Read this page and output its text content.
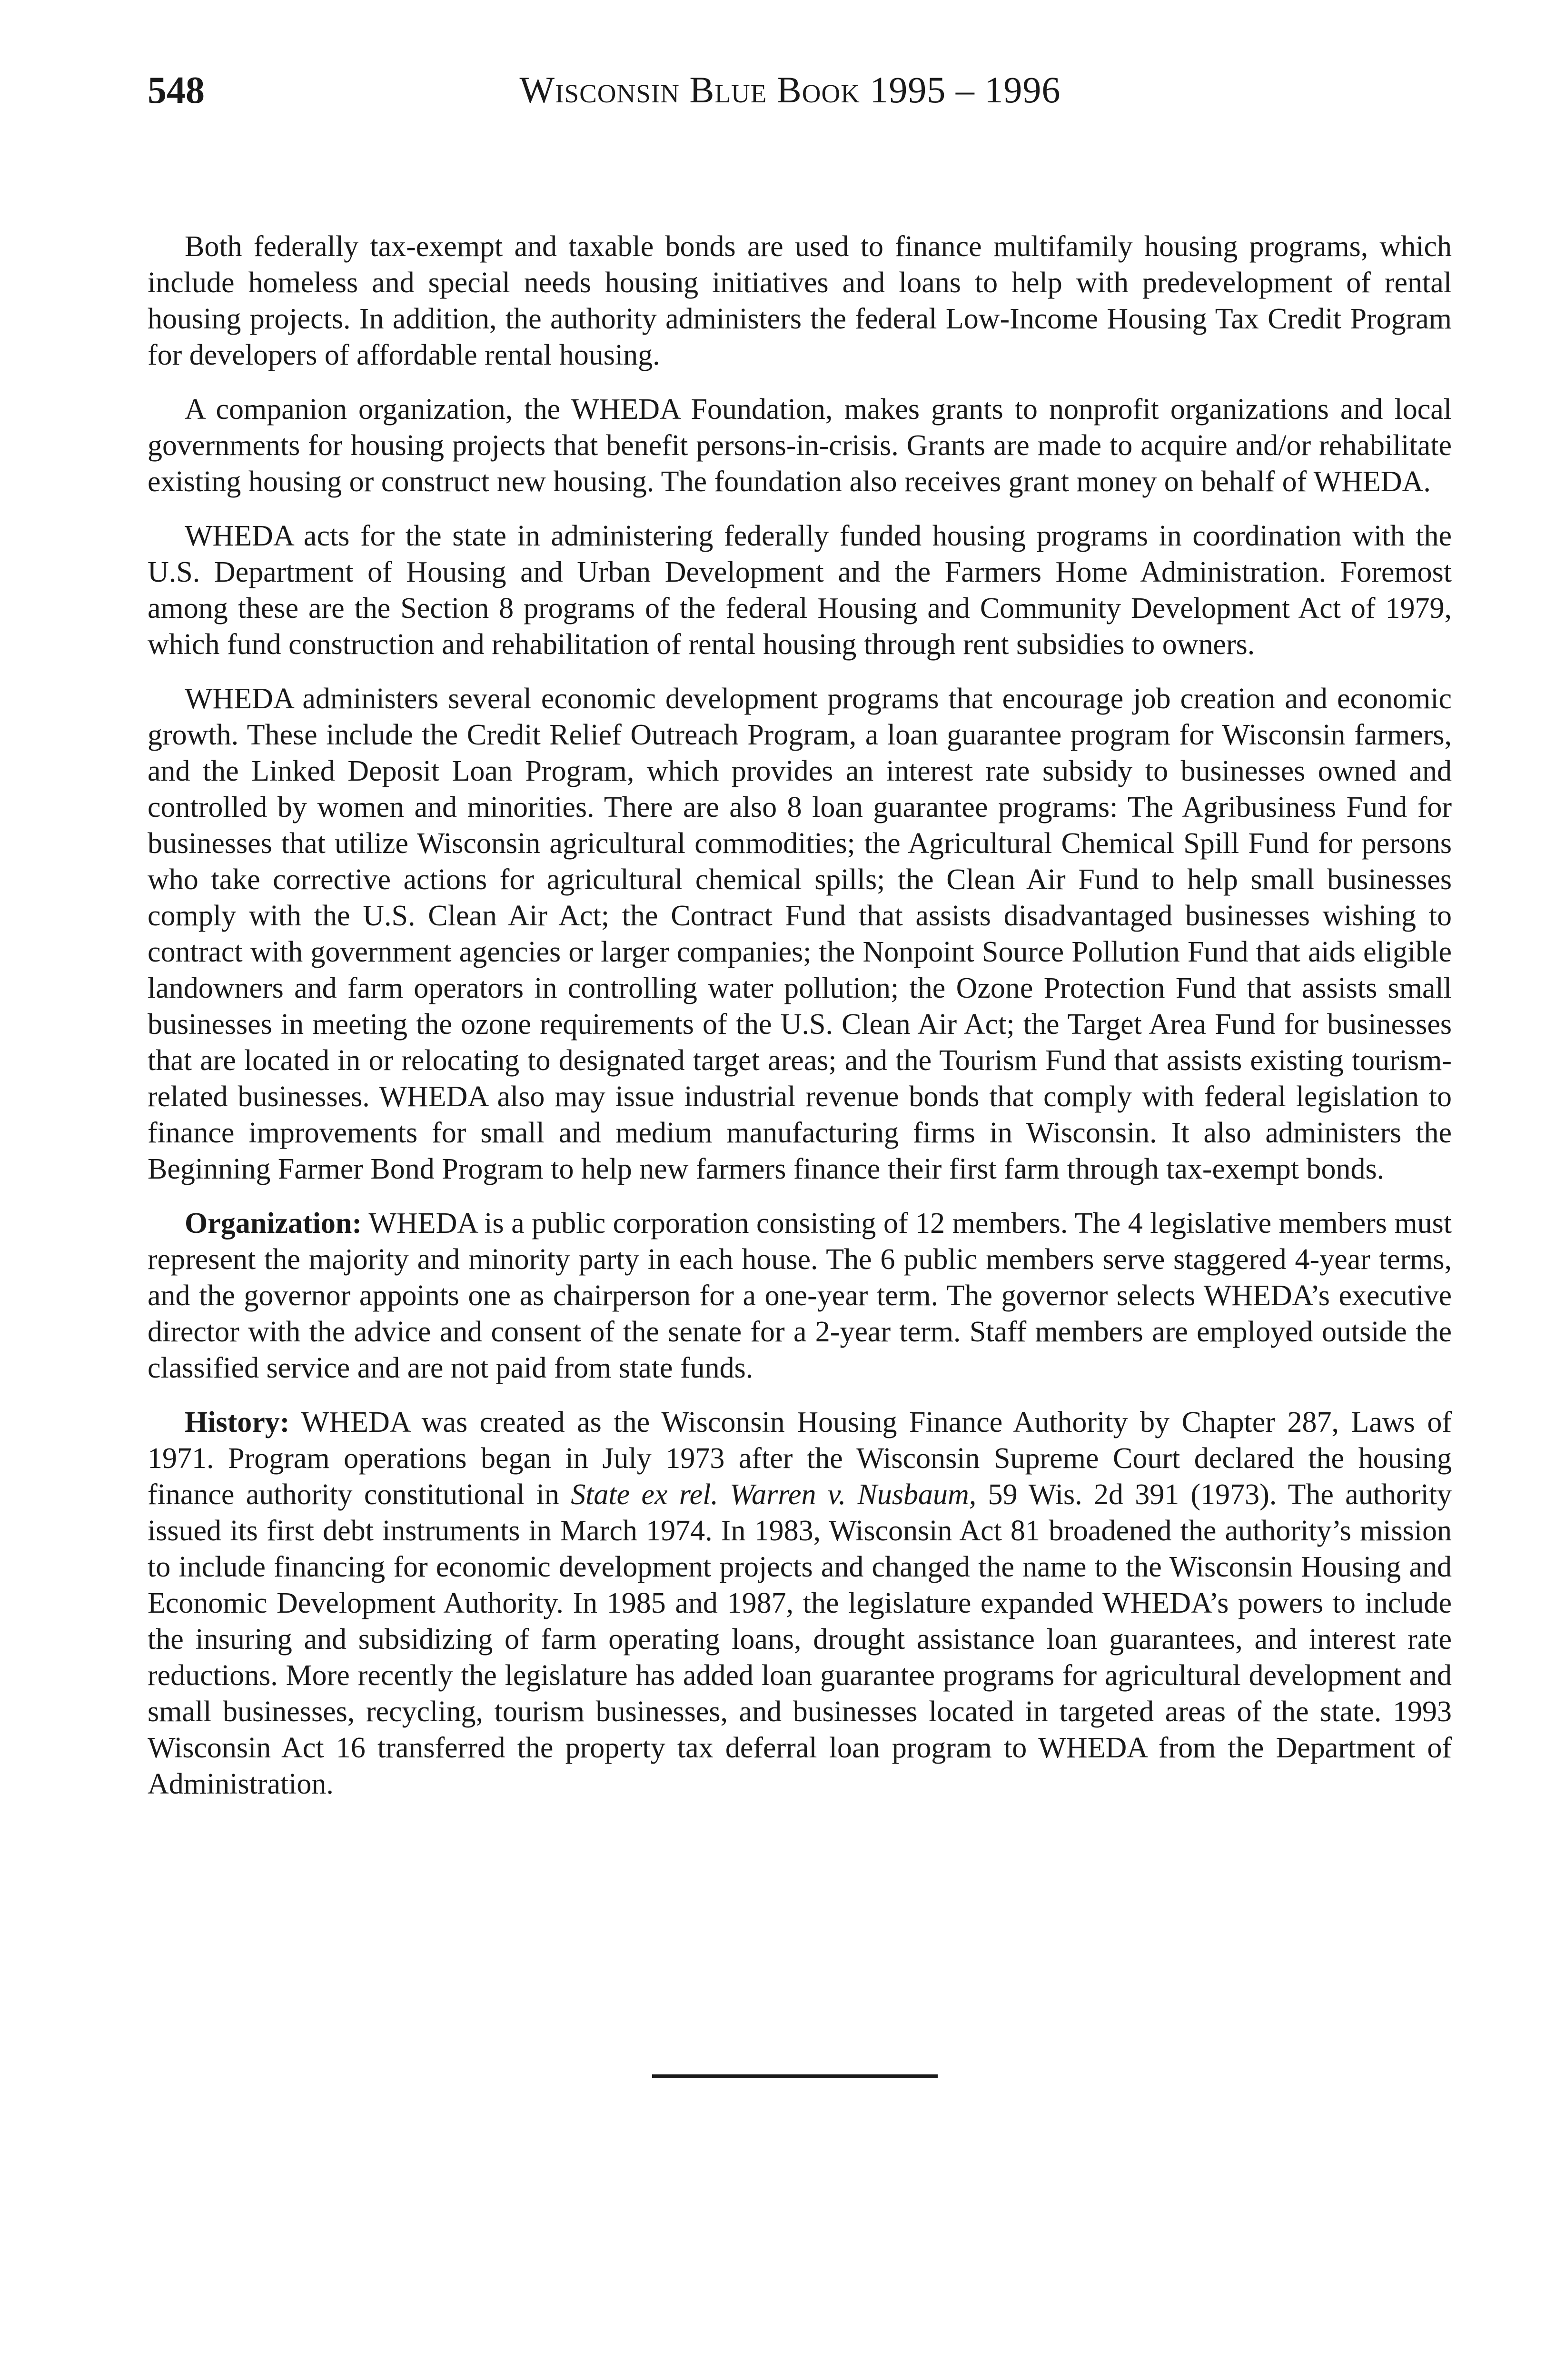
548	Wisconsin Blue Book 1995 – 1996

Both federally tax-exempt and taxable bonds are used to finance multifamily housing programs, which include homeless and special needs housing initiatives and loans to help with predevelopment of rental housing projects. In addition, the authority administers the federal Low-Income Housing Tax Credit Program for developers of affordable rental housing.

A companion organization, the WHEDA Foundation, makes grants to nonprofit organizations and local governments for housing projects that benefit persons-in-crisis. Grants are made to acquire and/or rehabilitate existing housing or construct new housing. The foundation also receives grant money on behalf of WHEDA.

WHEDA acts for the state in administering federally funded housing programs in coordination with the U.S. Department of Housing and Urban Development and the Farmers Home Administration. Foremost among these are the Section 8 programs of the federal Housing and Community Development Act of 1979, which fund construction and rehabilitation of rental housing through rent subsidies to owners.

WHEDA administers several economic development programs that encourage job creation and economic growth. These include the Credit Relief Outreach Program, a loan guarantee program for Wisconsin farmers, and the Linked Deposit Loan Program, which provides an interest rate subsidy to businesses owned and controlled by women and minorities. There are also 8 loan guarantee programs: The Agribusiness Fund for businesses that utilize Wisconsin agricultural commodities; the Agricultural Chemical Spill Fund for persons who take corrective actions for agricultural chemical spills; the Clean Air Fund to help small businesses comply with the U.S. Clean Air Act; the Contract Fund that assists disadvantaged businesses wishing to contract with government agencies or larger companies; the Nonpoint Source Pollution Fund that aids eligible landowners and farm operators in controlling water pollution; the Ozone Protection Fund that assists small businesses in meeting the ozone requirements of the U.S. Clean Air Act; the Target Area Fund for businesses that are located in or relocating to designated target areas; and the Tourism Fund that assists existing tourism-related businesses. WHEDA also may issue industrial revenue bonds that comply with federal legislation to finance improvements for small and medium manufacturing firms in Wisconsin. It also administers the Beginning Farmer Bond Program to help new farmers finance their first farm through tax-exempt bonds.

Organization: WHEDA is a public corporation consisting of 12 members. The 4 legislative members must represent the majority and minority party in each house. The 6 public members serve staggered 4-year terms, and the governor appoints one as chairperson for a one-year term. The governor selects WHEDA’s executive director with the advice and consent of the senate for a 2-year term. Staff members are employed outside the classified service and are not paid from state funds.

History: WHEDA was created as the Wisconsin Housing Finance Authority by Chapter 287, Laws of 1971. Program operations began in July 1973 after the Wisconsin Supreme Court declared the housing finance authority constitutional in State ex rel. Warren v. Nusbaum, 59 Wis. 2d 391 (1973). The authority issued its first debt instruments in March 1974. In 1983, Wisconsin Act 81 broadened the authority’s mission to include financing for economic development projects and changed the name to the Wisconsin Housing and Economic Development Authority. In 1985 and 1987, the legislature expanded WHEDA’s powers to include the insuring and subsidizing of farm operating loans, drought assistance loan guarantees, and interest rate reductions. More recently the legislature has added loan guarantee programs for agricultural development and small businesses, recycling, tourism businesses, and businesses located in targeted areas of the state. 1993 Wisconsin Act 16 transferred the property tax deferral loan program to WHEDA from the Department of Administration.
